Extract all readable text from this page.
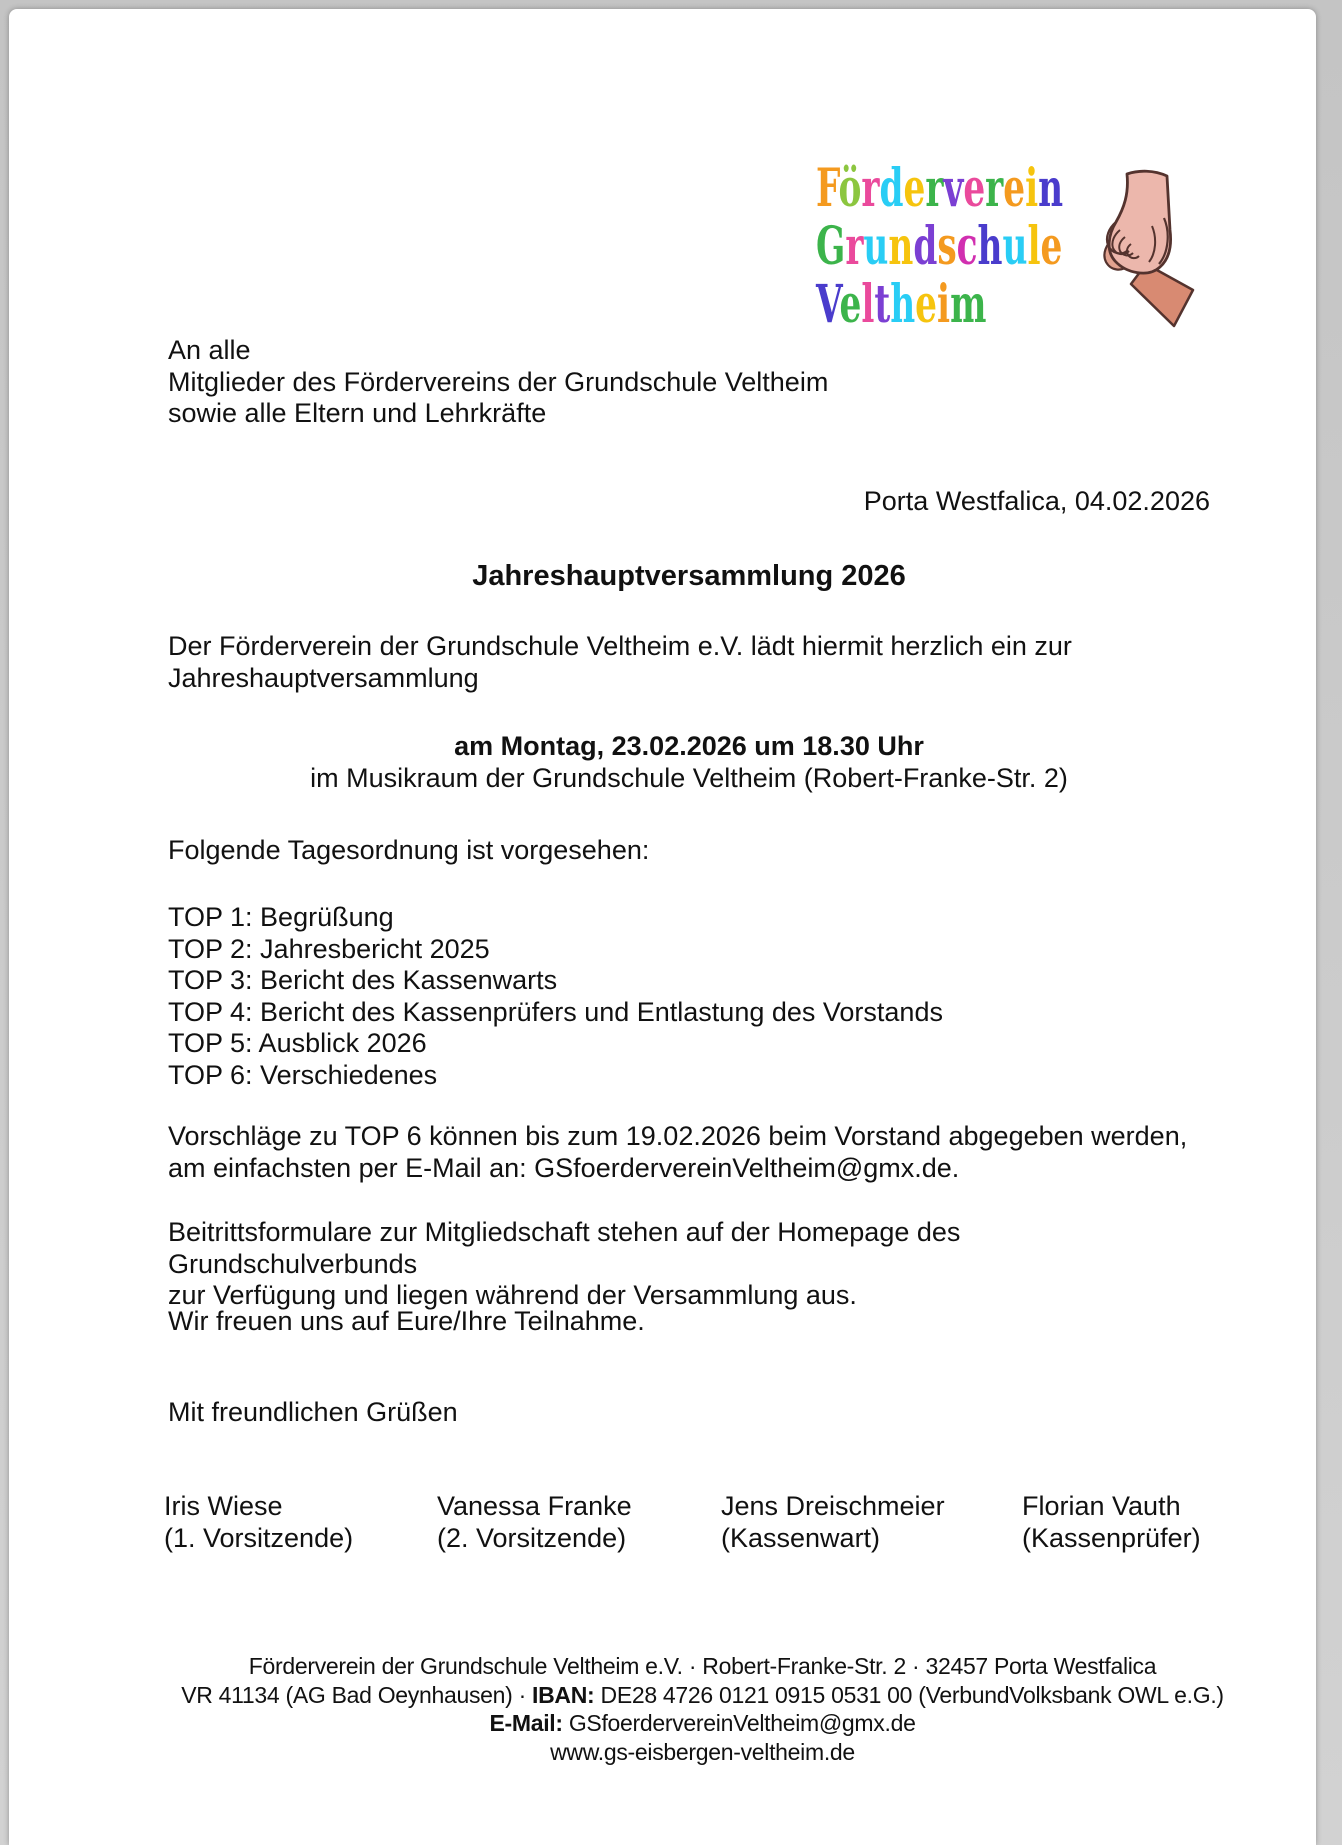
Förderverein
Grundschule
Veltheim
An alle
Mitglieder des Fördervereins der Grundschule Veltheim
sowie alle Eltern und Lehrkräfte
Porta Westfalica, 04.02.2026
Jahreshauptversammlung 2026
Der Förderverein der Grundschule Veltheim e.V. lädt hiermit herzlich ein zur
Jahreshauptversammlung
am Montag, 23.02.2026 um 18.30 Uhr
im Musikraum der Grundschule Veltheim (Robert-Franke-Str. 2)
Folgende Tagesordnung ist vorgesehen:
TOP 1: Begrüßung
TOP 2: Jahresbericht 2025
TOP 3: Bericht des Kassenwarts
TOP 4: Bericht des Kassenprüfers und Entlastung des Vorstands
TOP 5: Ausblick 2026
TOP 6: Verschiedenes
Vorschläge zu TOP 6 können bis zum 19.02.2026 beim Vorstand abgegeben werden,
am einfachsten per E-Mail an: GSfoerdervereinVeltheim@gmx.de.
Beitrittsformulare zur Mitgliedschaft stehen auf der Homepage des Grundschulverbunds
zur Verfügung und liegen während der Versammlung aus.
Wir freuen uns auf Eure/Ihre Teilnahme.
Mit freundlichen Grüßen
Iris Wiese
(1. Vorsitzende)
Vanessa Franke
(2. Vorsitzende)
Jens Dreischmeier
(Kassenwart)
Florian Vauth
(Kassenprüfer)
Förderverein der Grundschule Veltheim e.V. · Robert-Franke-Str. 2 · 32457 Porta Westfalica
VR 41134 (AG Bad Oeynhausen) · IBAN: DE28 4726 0121 0915 0531 00 (VerbundVolksbank OWL e.G.)
E-Mail: GSfoerdervereinVeltheim@gmx.de
www.gs-eisbergen-veltheim.de
